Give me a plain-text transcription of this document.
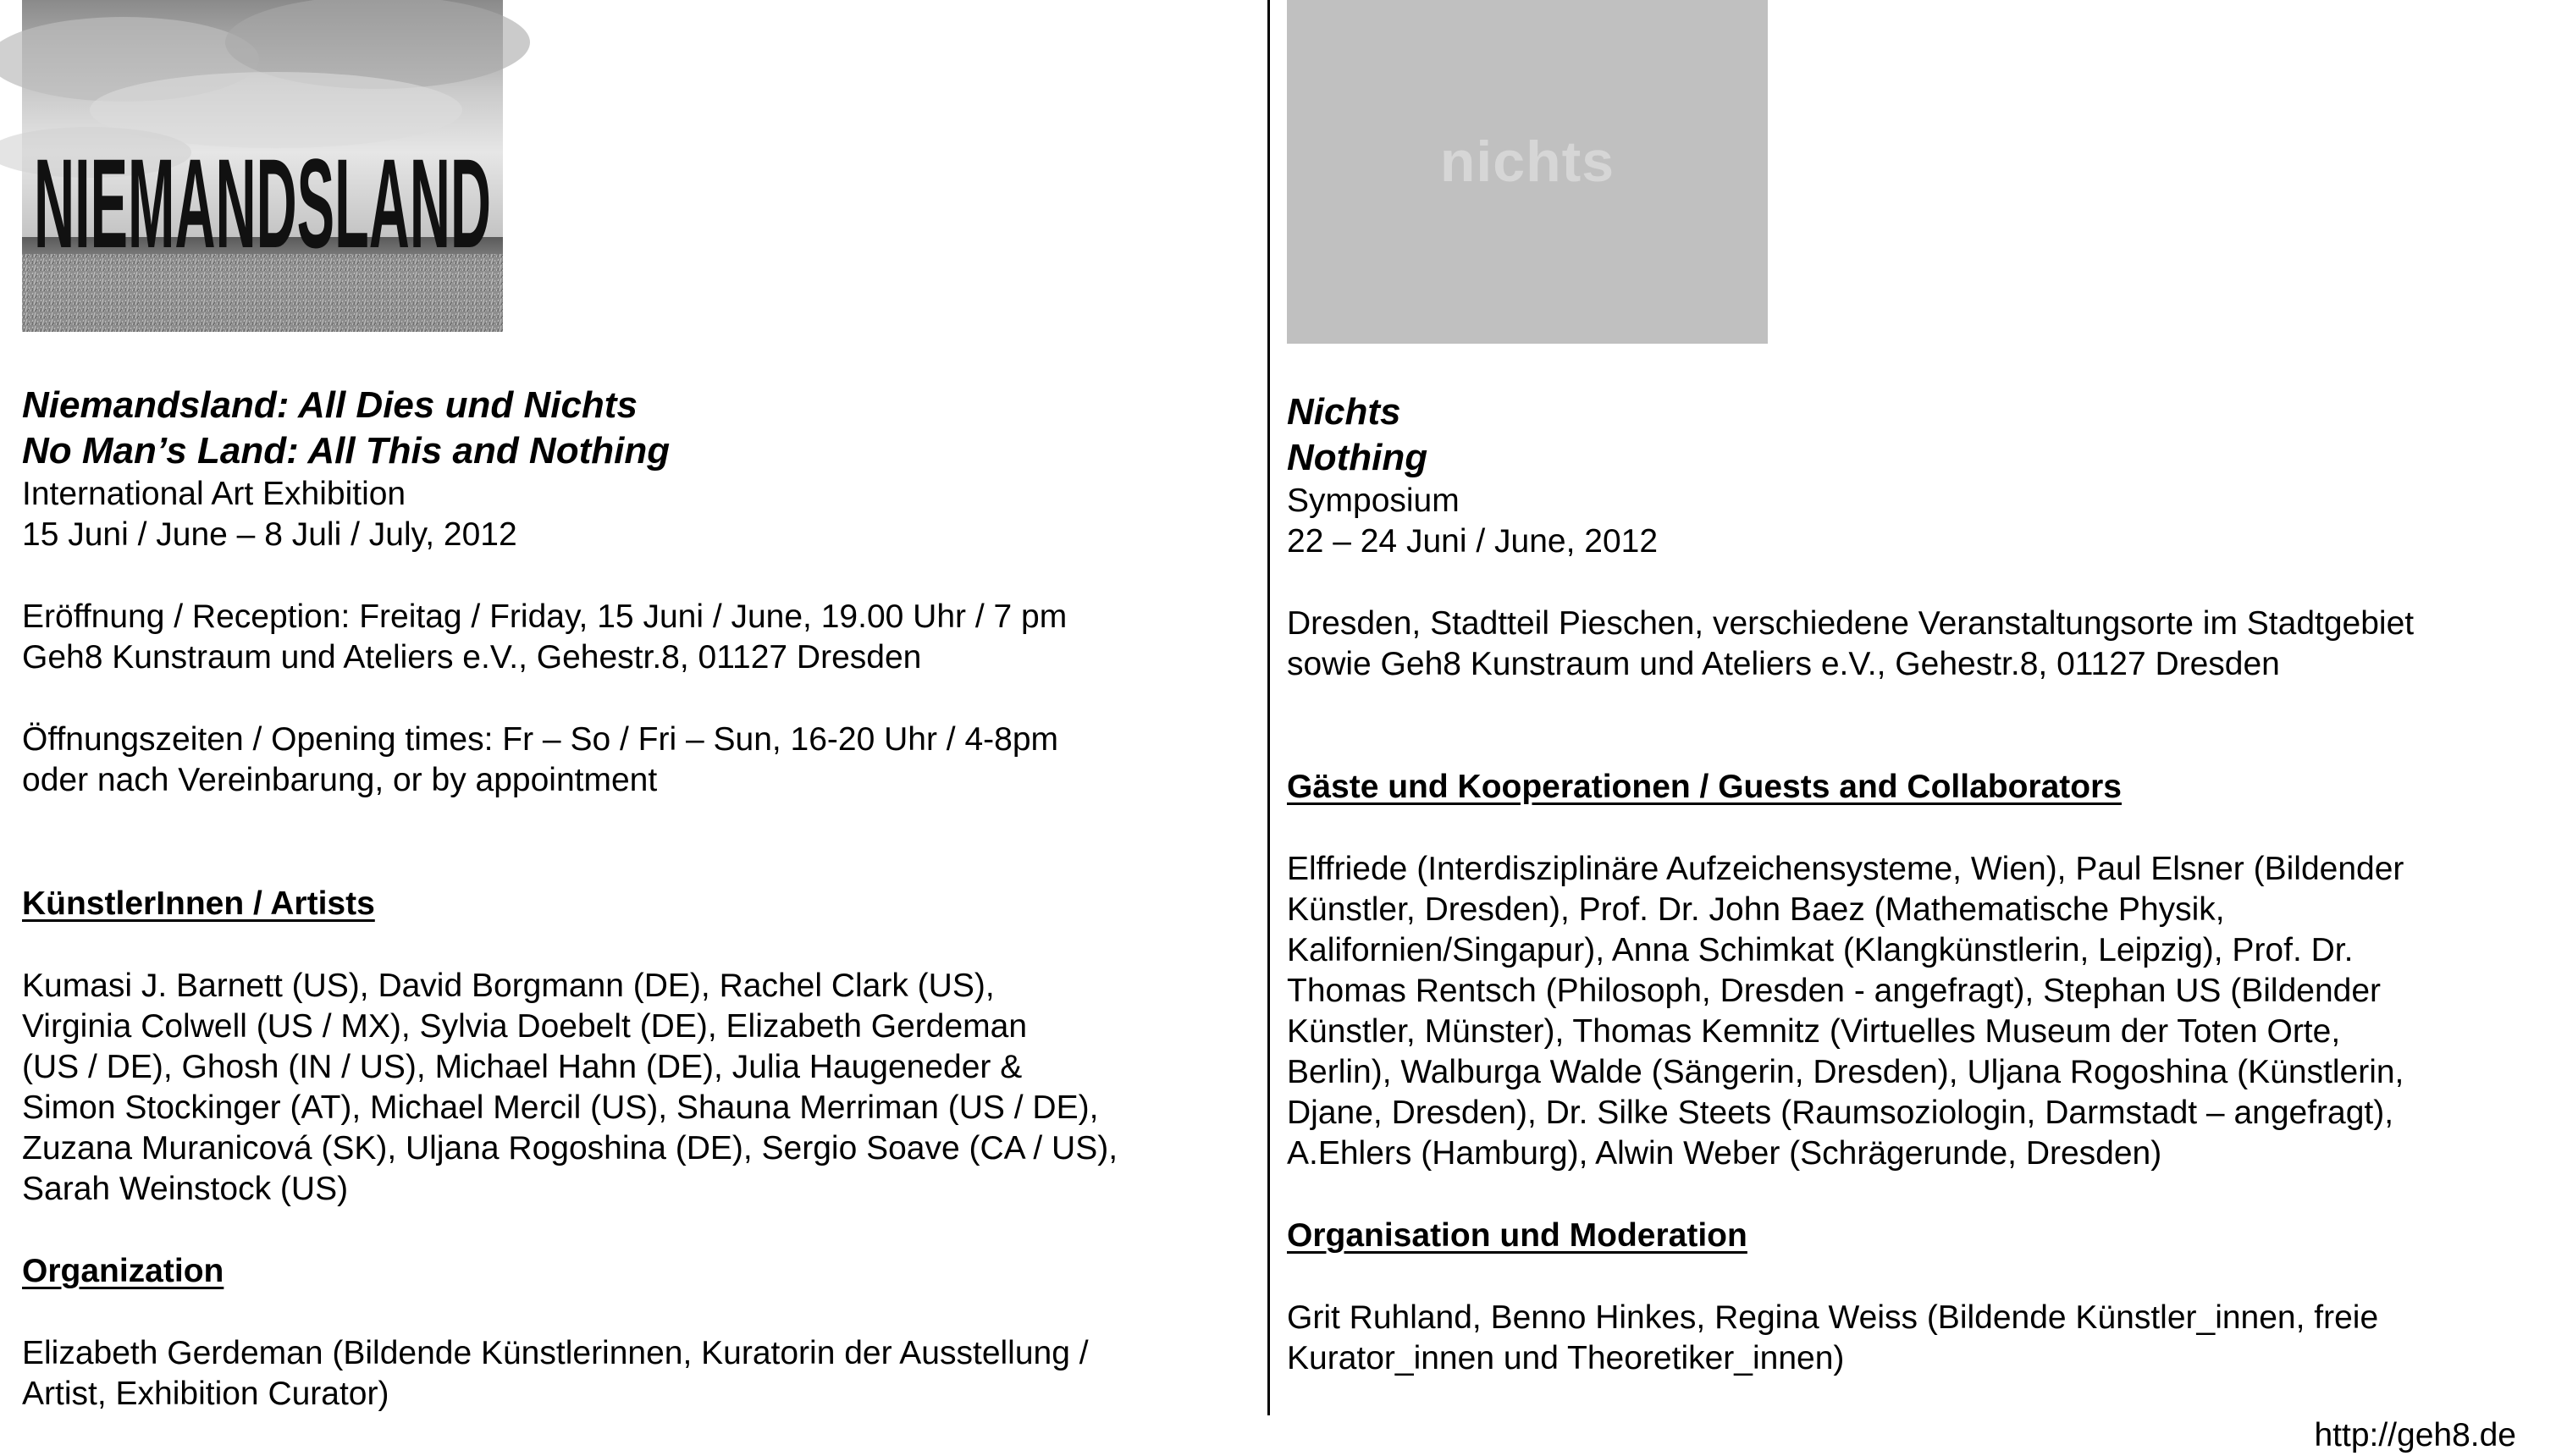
NIEMANDSLAND	nichts
Niemandsland: All Dies und Nichts
No Man’s Land: All This and Nothing
International Art Exhibition
15 Juni / June – 8 Juli / July, 2012
Eröffnung / Reception: Freitag / Friday, 15 Juni / June, 19.00 Uhr / 7 pm
Geh8 Kunstraum und Ateliers e.V., Gehestr.8, 01127 Dresden
Öffnungszeiten / Opening times: Fr – So / Fri – Sun, 16-20 Uhr / 4-8pm
oder nach Vereinbarung, or by appointment
KünstlerInnen / Artists
Kumasi J. Barnett (US), David Borgmann (DE), Rachel Clark (US),
Virginia Colwell (US / MX), Sylvia Doebelt (DE), Elizabeth Gerdeman
(US / DE), Ghosh (IN / US), Michael Hahn (DE), Julia Haugeneder &
Simon Stockinger (AT), Michael Mercil (US), Shauna Merriman (US / DE),
Zuzana Muranicová (SK), Uljana Rogoshina (DE), Sergio Soave (CA / US),
Sarah Weinstock (US)
Organization
Elizabeth Gerdeman (Bildende Künstlerinnen, Kuratorin der Ausstellung /
Artist, Exhibition Curator)
Nichts
Nothing
Symposium
22 – 24 Juni / June, 2012
Dresden, Stadtteil Pieschen, verschiedene Veranstaltungsorte im Stadtgebiet
sowie Geh8 Kunstraum und Ateliers e.V., Gehestr.8, 01127 Dresden
Gäste und Kooperationen / Guests and Collaborators
Elffriede (Interdisziplinäre Aufzeichensysteme, Wien), Paul Elsner (Bildender
Künstler, Dresden), Prof. Dr. John Baez (Mathematische Physik,
Kalifornien/Singapur), Anna Schimkat (Klangkünstlerin, Leipzig), Prof. Dr.
Thomas Rentsch (Philosoph, Dresden - angefragt), Stephan US (Bildender
Künstler, Münster), Thomas Kemnitz (Virtuelles Museum der Toten Orte,
Berlin), Walburga Walde (Sängerin, Dresden), Uljana Rogoshina (Künstlerin,
Djane, Dresden), Dr. Silke Steets (Raumsoziologin, Darmstadt – angefragt),
A.Ehlers (Hamburg), Alwin Weber (Schrägerunde, Dresden)
Organisation und Moderation
Grit Ruhland, Benno Hinkes, Regina Weiss (Bildende Künstler_innen, freie
Kurator_innen und Theoretiker_innen)
http://geh8.de
